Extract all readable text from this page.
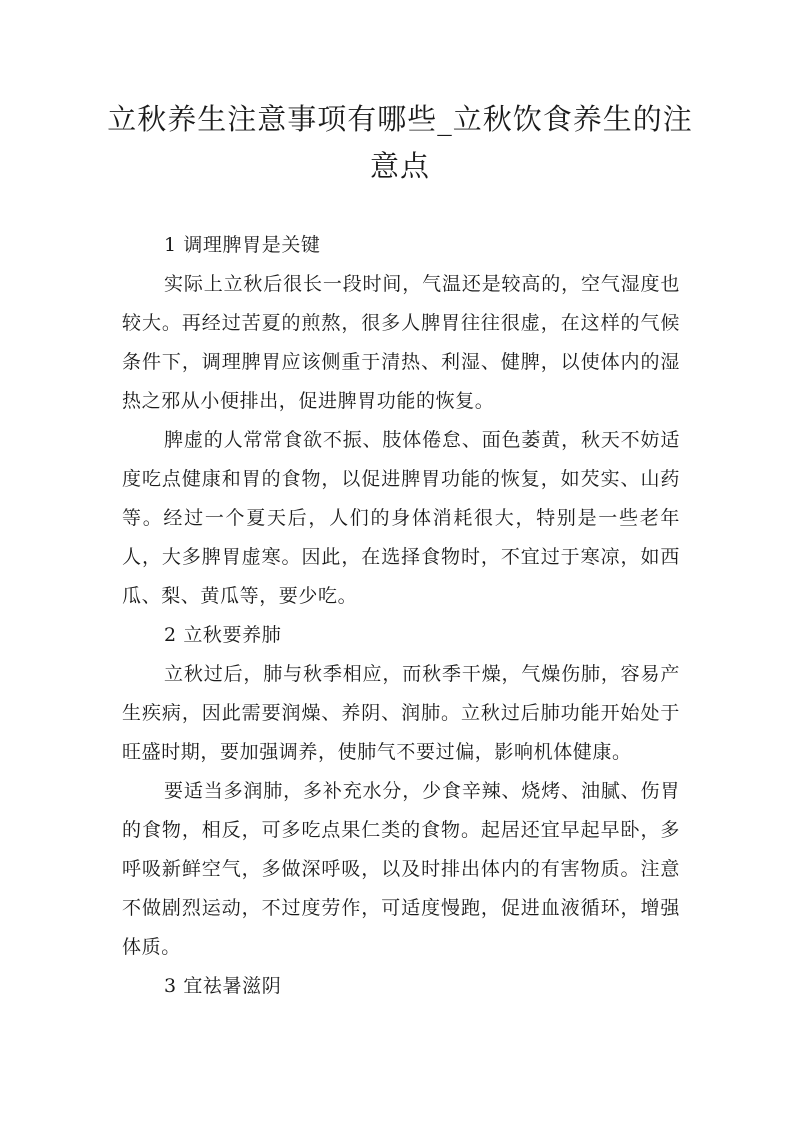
立秋养生注意事项有哪些_立秋饮食养生的注意点

1 调理脾胃是关键

实际上立秋后很长一段时间，气温还是较高的，空气湿度也较大。再经过苦夏的煎熬，很多人脾胃往往很虚，在这样的气候条件下，调理脾胃应该侧重于清热、利湿、健脾，以使体内的湿热之邪从小便排出，促进脾胃功能的恢复。

脾虚的人常常食欲不振、肢体倦怠、面色萎黄，秋天不妨适度吃点健康和胃的食物，以促进脾胃功能的恢复，如芡实、山药等。经过一个夏天后，人们的身体消耗很大，特别是一些老年人，大多脾胃虚寒。因此，在选择食物时，不宜过于寒凉，如西瓜、梨、黄瓜等，要少吃。

2 立秋要养肺

立秋过后，肺与秋季相应，而秋季干燥，气燥伤肺，容易产生疾病，因此需要润燥、养阴、润肺。立秋过后肺功能开始处于旺盛时期，要加强调养，使肺气不要过偏，影响机体健康。

要适当多润肺，多补充水分，少食辛辣、烧烤、油腻、伤胃的食物，相反，可多吃点果仁类的食物。起居还宜早起早卧，多呼吸新鲜空气，多做深呼吸，以及时排出体内的有害物质。注意不做剧烈运动，不过度劳作，可适度慢跑，促进血液循环，增强体质。

3 宜祛暑滋阴
